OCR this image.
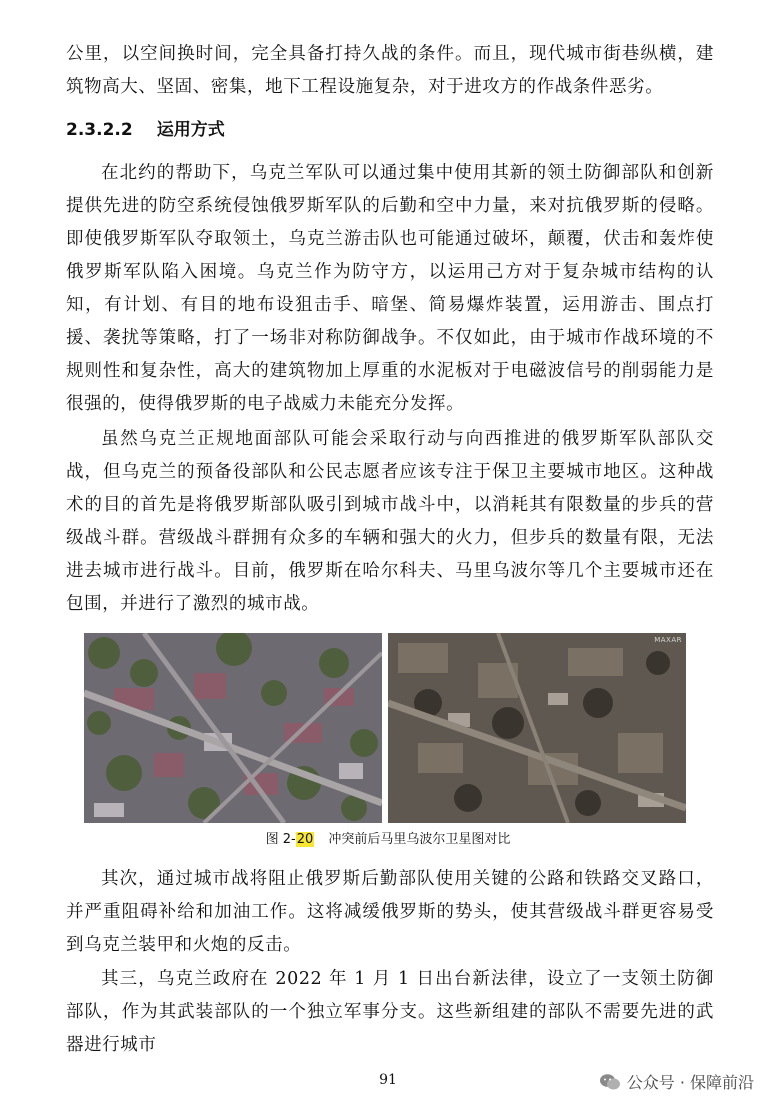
公里，以空间换时间，完全具备打持久战的条件。而且，现代城市街巷纵横，建筑物高大、坚固、密集，地下工程设施复杂，对于进攻方的作战条件恶劣。

2.3.2.2 运用方式

在北约的帮助下，乌克兰军队可以通过集中使用其新的领土防御部队和创新提供先进的防空系统侵蚀俄罗斯军队的后勤和空中力量，来对抗俄罗斯的侵略。即使俄罗斯军队夺取领土，乌克兰游击队也可能通过破坏，颠覆，伏击和轰炸使俄罗斯军队陷入困境。乌克兰作为防守方，以运用己方对于复杂城市结构的认知，有计划、有目的地布设狙击手、暗堡、简易爆炸装置，运用游击、围点打援、袭扰等策略，打了一场非对称防御战争。不仅如此，由于城市作战环境的不规则性和复杂性，高大的建筑物加上厚重的水泥板对于电磁波信号的削弱能力是很强的，使得俄罗斯的电子战威力未能充分发挥。

虽然乌克兰正规地面部队可能会采取行动与向西推进的俄罗斯军队部队交战，但乌克兰的预备役部队和公民志愿者应该专注于保卫主要城市地区。这种战术的目的首先是将俄罗斯部队吸引到城市战斗中，以消耗其有限数量的步兵的营级战斗群。营级战斗群拥有众多的车辆和强大的火力，但步兵的数量有限，无法进去城市进行战斗。目前，俄罗斯在哈尔科夫、马里乌波尔等几个主要城市还在包围，并进行了激烈的城市战。

MAXAR
图 2-20 冲突前后马里乌波尔卫星图对比

其次，通过城市战将阻止俄罗斯后勤部队使用关键的公路和铁路交叉路口，并严重阻碍补给和加油工作。这将减缓俄罗斯的势头，使其营级战斗群更容易受到乌克兰装甲和火炮的反击。

其三，乌克兰政府在 2022 年 1 月 1 日出台新法律，设立了一支领土防御部队，作为其武装部队的一个独立军事分支。这些新组建的部队不需要先进的武器进行城市

91	公众号 · 保障前沿
